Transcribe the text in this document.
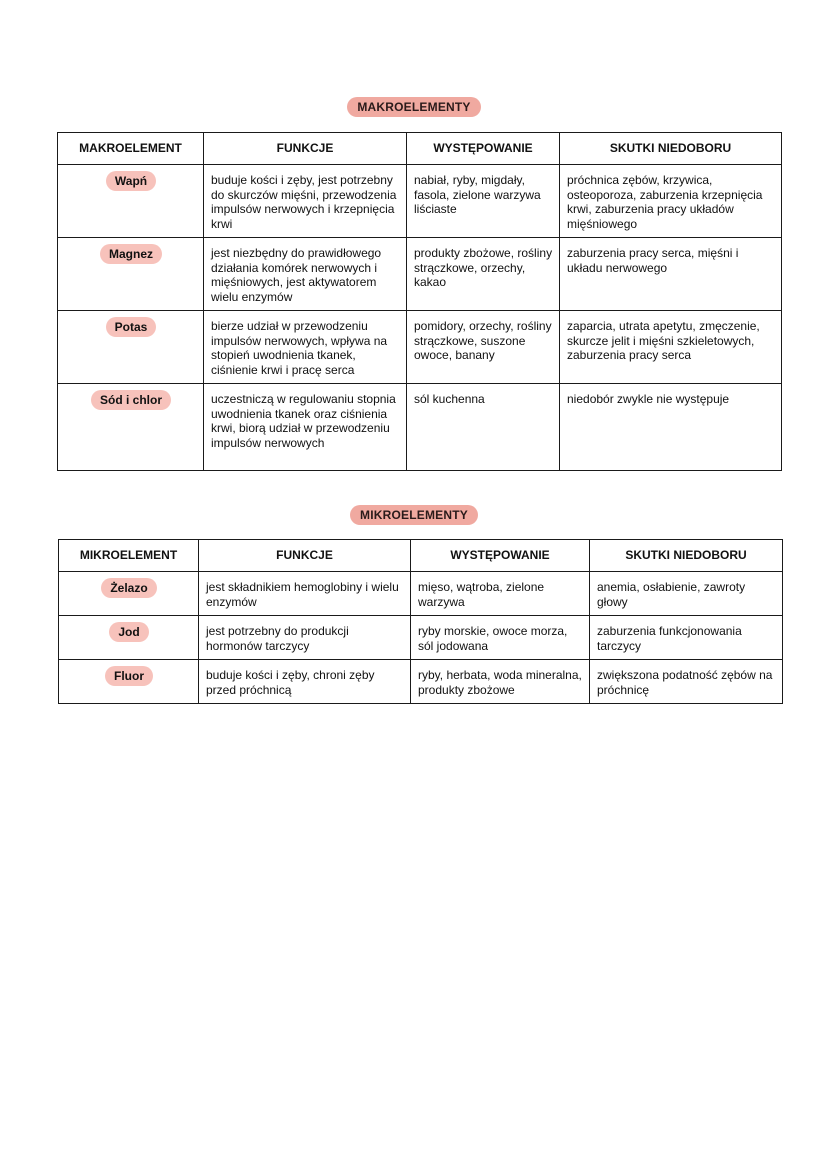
MAKROELEMENTY
MAKROELEMENT	FUNKCJE	WYSTĘPOWANIE	SKUTKI NIEDOBORU
Wapń	buduje kości i zęby, jest potrzebny do skurczów mięśni, przewodzenia impulsów nerwowych i krzepnięcia krwi	nabiał, ryby, migdały, fasola, zielone warzywa liściaste	próchnica zębów, krzywica, osteoporoza, zaburzenia krzepnięcia krwi, zaburzenia pracy układów mięśniowego
Magnez	jest niezbędny do prawidłowego działania komórek nerwowych i mięśniowych, jest aktywatorem wielu enzymów	produkty zbożowe, rośliny strączkowe, orzechy, kakao	zaburzenia pracy serca, mięśni i układu nerwowego
Potas	bierze udział w przewodzeniu impulsów nerwowych, wpływa na stopień uwodnienia tkanek, ciśnienie krwi i pracę serca	pomidory, orzechy, rośliny strączkowe, suszone owoce, banany	zaparcia, utrata apetytu, zmęczenie, skurcze jelit i mięśni szkieletowych, zaburzenia pracy serca
Sód i chlor	uczestniczą w regulowaniu stopnia uwodnienia tkanek oraz ciśnienia krwi, biorą udział w przewodzeniu impulsów nerwowych	sól kuchenna	niedobór zwykle nie występuje
MIKROELEMENTY
MIKROELEMENT	FUNKCJE	WYSTĘPOWANIE	SKUTKI NIEDOBORU
Żelazo	jest składnikiem hemoglobiny i wielu enzymów	mięso, wątroba, zielone warzywa	anemia, osłabienie, zawroty głowy
Jod	jest potrzebny do produkcji hormonów tarczycy	ryby morskie, owoce morza, sól jodowana	zaburzenia funkcjonowania tarczycy
Fluor	buduje kości i zęby, chroni zęby przed próchnicą	ryby, herbata, woda mineralna, produkty zbożowe	zwiększona podatność zębów na próchnicę
